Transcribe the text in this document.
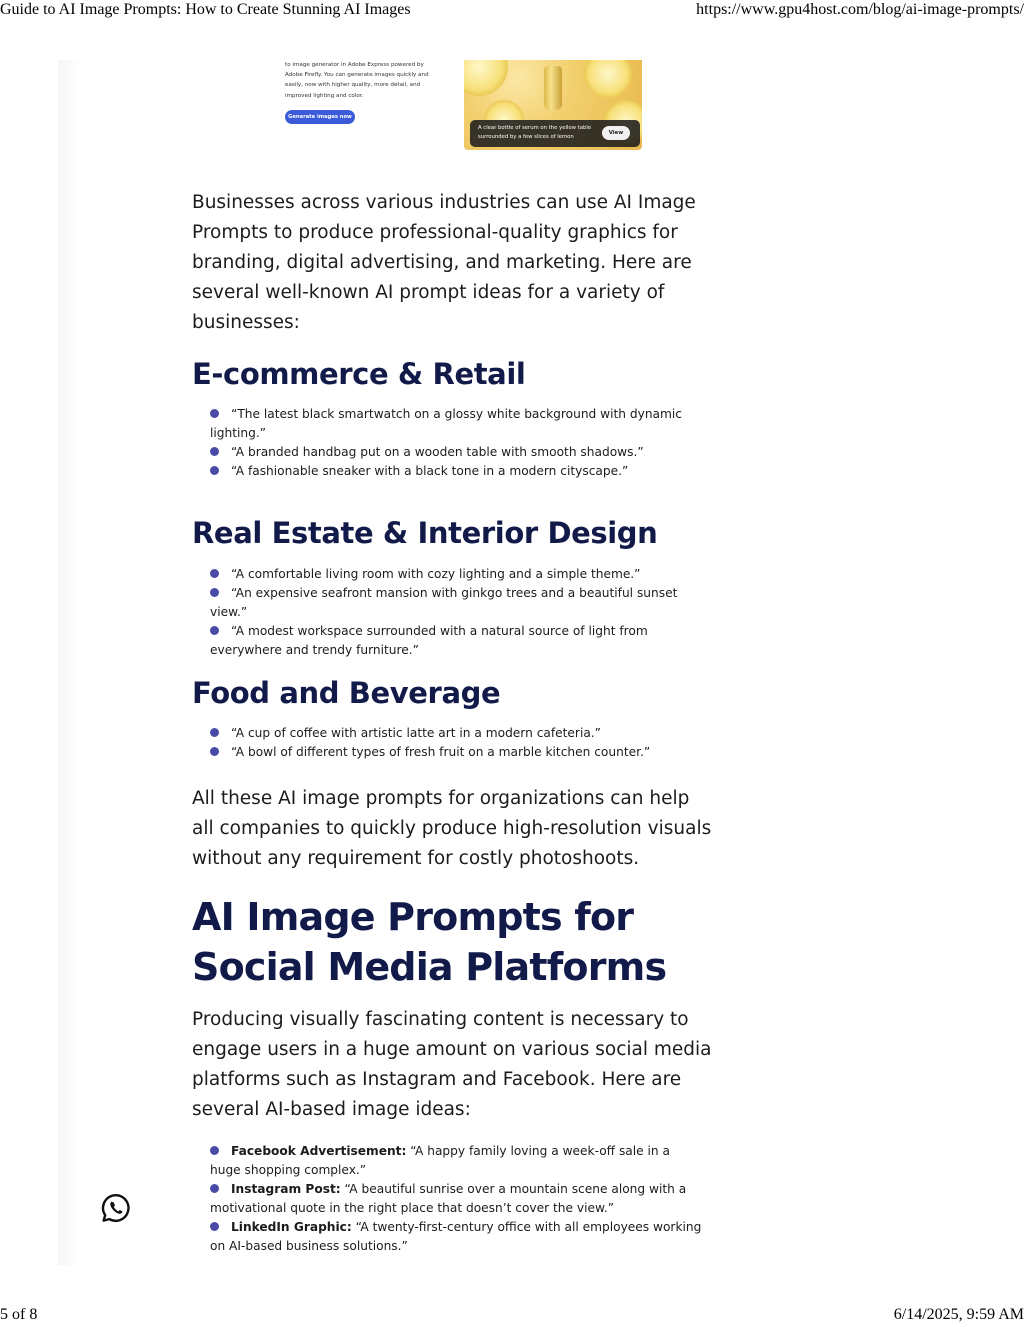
Guide to AI Image Prompts: How to Create Stunning AI Images	https://www.gpu4host.com/blog/ai-image-prompts/
to image generator in Adobe Express powered by Adobe Firefly. You can generate images quickly and easily, now with higher quality, more detail, and improved lighting and color.
Generate images now
A clear bottle of serum on the yellow table surrounded by a few slices of lemon
View

Businesses across various industries can use AI Image Prompts to produce professional-quality graphics for branding, digital advertising, and marketing. Here are several well-known AI prompt ideas for a variety of businesses:

E-commerce & Retail
“The latest black smartwatch on a glossy white background with dynamic lighting.”
“A branded handbag put on a wooden table with smooth shadows.”
“A fashionable sneaker with a black tone in a modern cityscape.”
Real Estate & Interior Design
“A comfortable living room with cozy lighting and a simple theme.”
“An expensive seafront mansion with ginkgo trees and a beautiful sunset view.”
“A modest workspace surrounded with a natural source of light from everywhere and trendy furniture.”
Food and Beverage
“A cup of coffee with artistic latte art in a modern cafeteria.”
“A bowl of different types of fresh fruit on a marble kitchen counter.”

All these AI image prompts for organizations can help all companies to quickly produce high-resolution visuals without any requirement for costly photoshoots.

AI Image Prompts for Social Media Platforms

Producing visually fascinating content is necessary to engage users in a huge amount on various social media platforms such as Instagram and Facebook. Here are several AI-based image ideas:

Facebook Advertisement: “A happy family loving a week-off sale in a huge shopping complex.”
Instagram Post: “A beautiful sunrise over a mountain scene along with a motivational quote in the right place that doesn’t cover the view.”
LinkedIn Graphic: “A twenty-first-century office with all employees working on AI-based business solutions.”
5 of 8	6/14/2025, 9:59 AM
